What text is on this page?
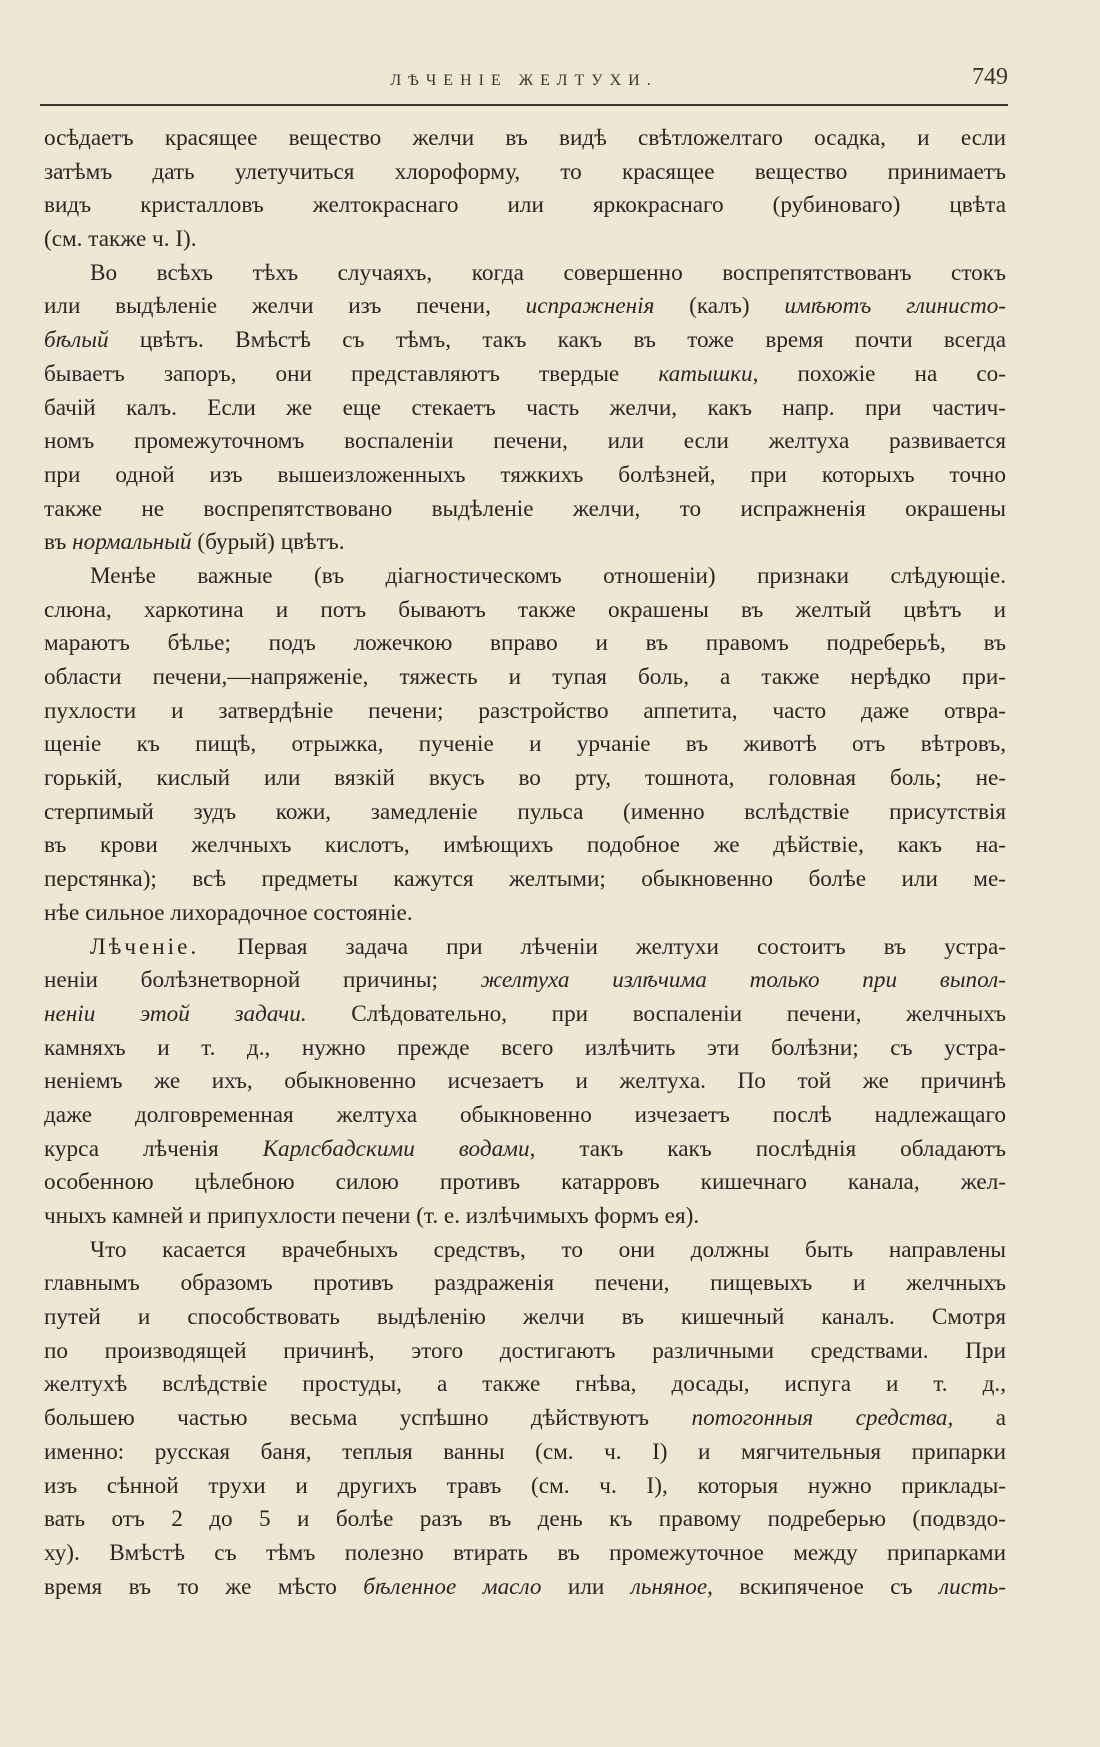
ЛѢЧЕНІЕ ЖЕЛТУХИ.	749
осѣдаетъ красящее вещество желчи въ видѣ свѣтложелтаго осадка, и если
затѣмъ дать улетучиться хлороформу, то красящее вещество принимаетъ
видъ кристалловъ желтокраснаго или яркокраснаго (рубиноваго) цвѣта
(см. также ч. I).
Во всѣхъ тѣхъ случаяхъ, когда совершенно воспрепятствованъ стокъ
или выдѣленіе желчи изъ печени, испражненія (калъ) имѣютъ глинисто-
бѣлый цвѣтъ. Вмѣстѣ съ тѣмъ, такъ какъ въ тоже время почти всегда
бываетъ запоръ, они представляютъ твердые катышки, похожіе на со-
бачій калъ. Если же еще стекаетъ часть желчи, какъ напр. при частич-
номъ промежуточномъ воспаленіи печени, или если желтуха развивается
при одной изъ вышеизложенныхъ тяжкихъ болѣзней, при которыхъ точно
также не воспрепятствовано выдѣленіе желчи, то испражненія окрашены
въ нормальный (бурый) цвѣтъ.
Менѣе важные (въ діагностическомъ отношеніи) признаки слѣдующіе.
слюна, харкотина и потъ бываютъ также окрашены въ желтый цвѣтъ и
мараютъ бѣлье; подъ ложечкою вправо и въ правомъ подреберьѣ, въ
области печени,—напряженіе, тяжесть и тупая боль, а также нерѣдко при-
пухлости и затвердѣніе печени; разстройство аппетита, часто даже отвра-
щеніе къ пищѣ, отрыжка, пученіе и урчаніе въ животѣ отъ вѣтровъ,
горькій, кислый или вязкій вкусъ во рту, тошнота, головная боль; не-
стерпимый зудъ кожи, замедленіе пульса (именно вслѣдствіе присутствія
въ крови желчныхъ кислотъ, имѣющихъ подобное же дѣйствіе, какъ на-
перстянка); всѣ предметы кажутся желтыми; обыкновенно болѣе или ме-
нѣе сильное лихорадочное состояніе.
Лѣченіе. Первая задача при лѣченіи желтухи состоитъ въ устра-
неніи болѣзнетворной причины; желтуха излѣчима только при выпол-
неніи этой задачи. Слѣдовательно, при воспаленіи печени, желчныхъ
камняхъ и т. д., нужно прежде всего излѣчить эти болѣзни; съ устра-
неніемъ же ихъ, обыкновенно исчезаетъ и желтуха. По той же причинѣ
даже долговременная желтуха обыкновенно изчезаетъ послѣ надлежащаго
курса лѣченія Карлсбадскими водами, такъ какъ послѣднія обладаютъ
особенною цѣлебною силою противъ катарровъ кишечнаго канала, жел-
чныхъ камней и припухлости печени (т. е. излѣчимыхъ формъ ея).
Что касается врачебныхъ средствъ, то они должны быть направлены
главнымъ образомъ противъ раздраженія печени, пищевыхъ и желчныхъ
путей и способствовать выдѣленію желчи въ кишечный каналъ. Смотря
по производящей причинѣ, этого достигаютъ различными средствами. При
желтухѣ вслѣдствіе простуды, а также гнѣва, досады, испуга и т. д.,
большею частью весьма успѣшно дѣйствуютъ потогонныя средства, а
именно: русская баня, теплыя ванны (см. ч. I) и мягчительныя припарки
изъ сѣнной трухи и другихъ травъ (см. ч. I), которыя нужно приклады-
вать отъ 2 до 5 и болѣе разъ въ день къ правому подреберью (подвздо-
ху). Вмѣстѣ съ тѣмъ полезно втирать въ промежуточное между припарками
время въ то же мѣсто бѣленное масло или льняное, вскипяченое съ листь-
